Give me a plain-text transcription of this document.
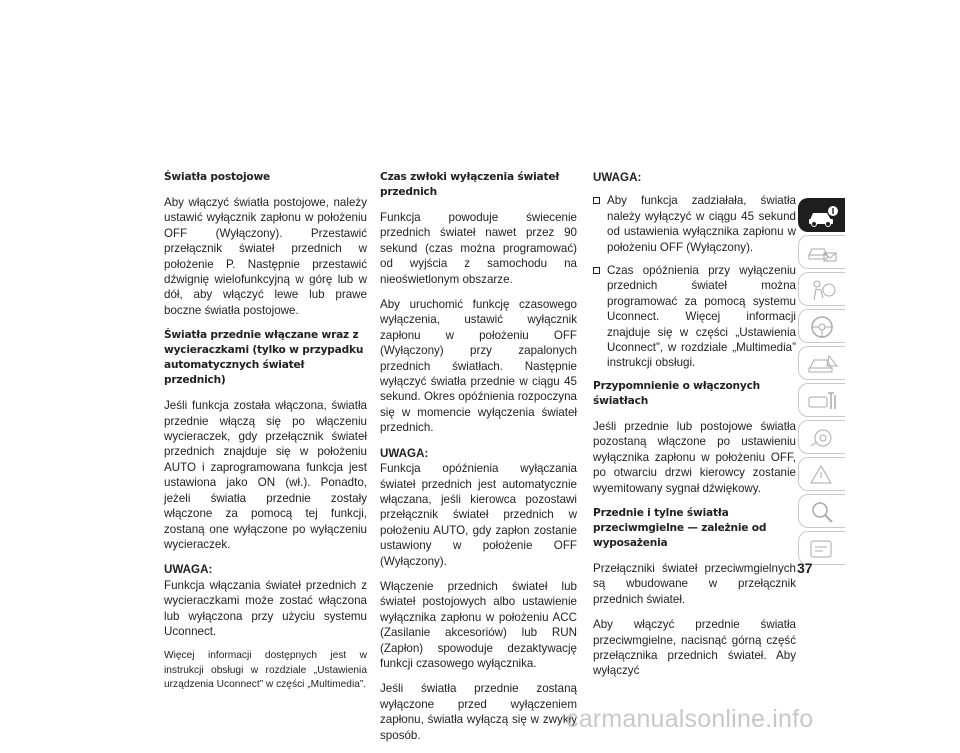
Światła postojowe

Aby włączyć światła postojowe, należy ustawić wyłącznik zapłonu w położeniu OFF (Wyłączony). Przestawić przełącznik świateł przednich w położenie P. Następnie przestawić dźwignię wielofunkcyjną w górę lub w dół, aby włączyć lewe lub prawe boczne światła postojowe.

Światła przednie włączane wraz z wycieraczkami (tylko w przypadku automatycznych świateł przednich)

Jeśli funkcja została włączona, światła przednie włączą się po włączeniu wycieraczek, gdy przełącznik świateł przednich znajduje się w położeniu AUTO i zaprogramowana funkcja jest ustawiona jako ON (wł.). Ponadto, jeżeli światła przednie zostały włączone za pomocą tej funkcji, zostaną one wyłączone po wyłączeniu wycieraczek.

UWAGA:

Funkcja włączania świateł przednich z wycieraczkami może zostać włączona lub wyłączona przy użyciu systemu Uconnect.

Więcej informacji dostępnych jest w instrukcji obsługi w rozdziale „Ustawienia urządzenia Uconnect” w części „Multimedia”.

Czas zwłoki wyłączenia świateł przednich

Funkcja powoduje świecenie przednich świateł nawet przez 90 sekund (czas można programować) od wyjścia z samochodu na nieoświetlonym obszarze.

Aby uruchomić funkcję czasowego wyłączenia, ustawić wyłącznik zapłonu w położeniu OFF (Wyłączony) przy zapalonych przednich światłach. Następnie wyłączyć światła przednie w ciągu 45 sekund. Okres opóźnienia rozpoczyna się w momencie wyłączenia świateł przednich.

UWAGA:

Funkcja opóźnienia wyłączania świateł przednich jest automatycznie włączana, jeśli kierowca pozostawi przełącznik świateł przednich w położeniu AUTO, gdy zapłon zostanie ustawiony w położenie OFF (Wyłączony).

Włączenie przednich świateł lub świateł postojowych albo ustawienie wyłącznika zapłonu w położeniu ACC (Zasilanie akcesoriów) lub RUN (Zapłon) spowoduje dezaktywację funkcji czasowego wyłącznika.

Jeśli światła przednie zostaną wyłączone przed wyłączeniem zapłonu, światła wyłączą się w zwykły sposób.

UWAGA:

Aby funkcja zadziałała, światła należy wyłączyć w ciągu 45 sekund od ustawienia wyłącznika zapłonu w położeniu OFF (Wyłączony).
Czas opóźnienia przy wyłączeniu przednich świateł można programować za pomocą systemu Uconnect. Więcej informacji znajduje się w części „Ustawienia Uconnect”, w rozdziale „Multimedia” instrukcji obsługi.
Przypomnienie o włączonych światłach

Jeśli przednie lub postojowe światła pozostaną włączone po ustawieniu wyłącznika zapłonu w położeniu OFF, po otwarciu drzwi kierowcy zostanie wyemitowany sygnał dźwiękowy.

Przednie i tylne światła przeciwmgielne — zależnie od wyposażenia

Przełączniki świateł przeciwmgielnych są wbudowane w przełącznik przednich świateł.

Aby włączyć przednie światła przeciwmgielne, nacisnąć górną część przełącznika przednich świateł. Aby wyłączyć

37
carmanualsonline.info
